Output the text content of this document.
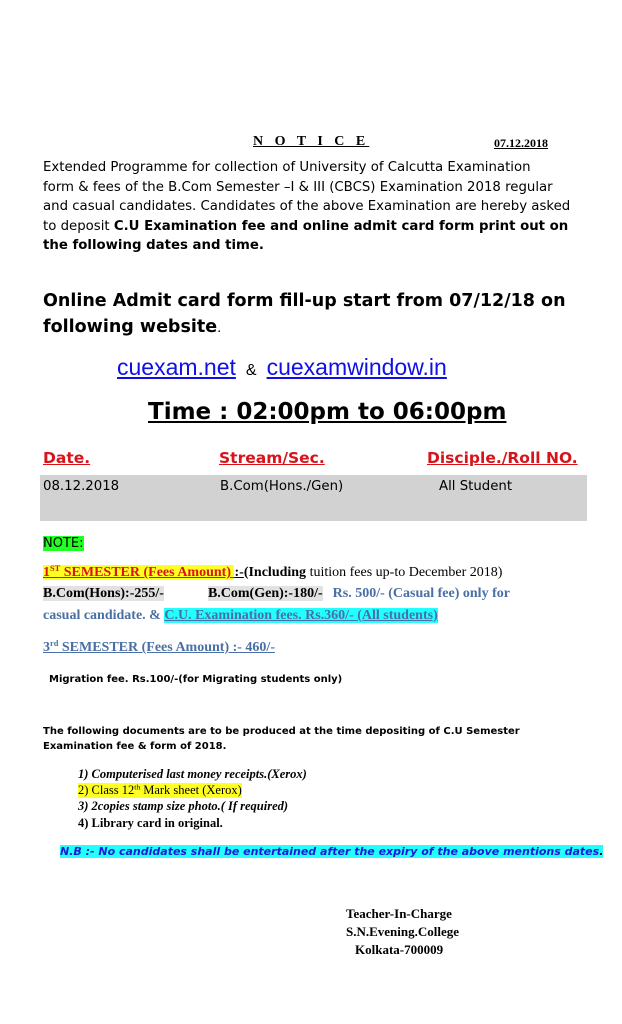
N O T I C E	07.12.2018
Extended Programme for collection of University of Calcutta Examination
form & fees of the B.Com Semester –I & III (CBCS) Examination 2018 regular
and casual candidates. Candidates of the above Examination are hereby asked
to deposit C.U Examination fee and online admit card form print out on
the following dates and time.
Online Admit card form fill-up start from 07/12/18 on following website.
cuexam.net & cuexamwindow.in
Time : 02:00pm to 06:00pm
Date.	Stream/Sec.	Disciple./Roll NO.
08.12.2018	B.Com(Hons./Gen)	All Student
NOTE:
1ST SEMESTER (Fees Amount) :-(Including tuition fees up-to December 2018)
B.Com(Hons):-255/-	B.Com(Gen):-180/- Rs. 500/- (Casual fee) only for
casual candidate. & C.U. Examination fees. Rs.360/- (All students)
3rd SEMESTER (Fees Amount) :- 460/-
Migration fee. Rs.100/-(for Migrating students only)
The following documents are to be produced at the time depositing of C.U Semester Examination fee & form of 2018.
1) Computerised last money receipts.(Xerox)
2) Class 12th Mark sheet (Xerox)
3) 2copies stamp size photo.( If required)
4) Library card in original.
N.B :- No candidates shall be entertained after the expiry of the above mentions dates.
Teacher-In-Charge
S.N.Evening.College
Kolkata-700009
